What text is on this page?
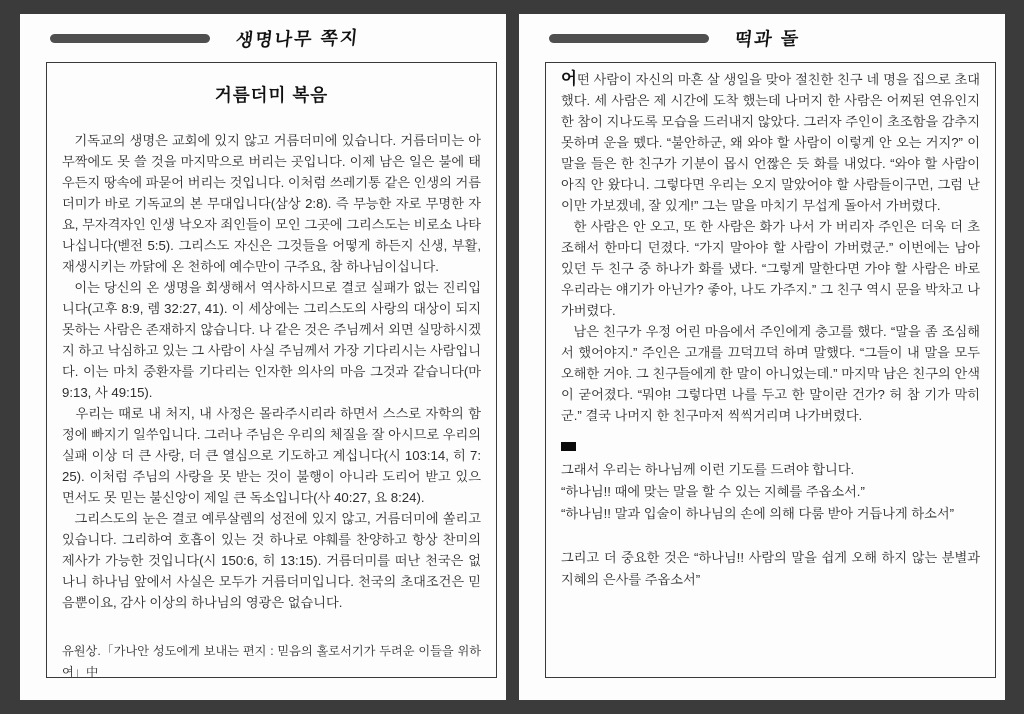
생명나무 쪽지
거름더미 복음

기독교의 생명은 교회에 있지 않고 거름더미에 있습니다. 거름더미는 아무짝에도 못 쓸 것을 마지막으로 버리는 곳입니다. 이제 남은 일은 불에 태우든지 땅속에 파묻어 버리는 것입니다. 이처럼 쓰레기통 같은 인생의 거름더미가 바로 기독교의 본 무대입니다(삼상 2:8). 즉 무능한 자로 무명한 자요, 무자격자인 인생 낙오자 죄인들이 모인 그곳에 그리스도는 비로소 나타나십니다(벧전 5:5). 그리스도 자신은 그것들을 어떻게 하든지 신생, 부활, 재생시키는 까닭에 온 천하에 예수만이 구주요, 참 하나님이십니다.

이는 당신의 온 생명을 회생해서 역사하시므로 결코 실패가 없는 진리입니다(고후 8:9, 렘 32:27, 41). 이 세상에는 그리스도의 사랑의 대상이 되지 못하는 사람은 존재하지 않습니다. 나 같은 것은 주님께서 외면 실망하시겠지 하고 낙심하고 있는 그 사람이 사실 주님께서 가장 기다리시는 사람입니다. 이는 마치 중환자를 기다리는 인자한 의사의 마음 그것과 같습니다(마 9:13, 사 49:15).

우리는 때로 내 처지, 내 사정은 몰라주시리라 하면서 스스로 자학의 함정에 빠지기 일쑤입니다. 그러나 주님은 우리의 체질을 잘 아시므로 우리의 실패 이상 더 큰 사랑, 더 큰 열심으로 기도하고 계십니다(시 103:14, 히 7:25). 이처럼 주님의 사랑을 못 받는 것이 불행이 아니라 도리어 받고 있으면서도 못 믿는 불신앙이 제일 큰 독소입니다(사 40:27, 요 8:24).

그리스도의 눈은 결코 예루살렘의 성전에 있지 않고, 거름더미에 쏠리고 있습니다. 그리하여 호흡이 있는 것 하나로 야훼를 찬양하고 항상 찬미의 제사가 가능한 것입니다(시 150:6, 히 13:15). 거름더미를 떠난 천국은 없나니 하나님 앞에서 사실은 모두가 거름더미입니다. 천국의 초대조건은 믿음뿐이요, 감사 이상의 하나님의 영광은 없습니다.

유원상.「가나안 성도에게 보내는 편지 : 믿음의 홀로서기가 두려운 이들을 위하여」中

떡과 돌

어떤 사람이 자신의 마흔 살 생일을 맞아 절친한 친구 네 명을 집으로 초대했다. 세 사람은 제 시간에 도착 했는데 나머지 한 사람은 어찌된 연유인지 한 참이 지나도록 모습을 드러내지 않았다. 그러자 주인이 초조함을 감추지 못하며 운을 뗐다. “불안하군, 왜 와야 할 사람이 이렇게 안 오는 거지?” 이 말을 들은 한 친구가 기분이 몹시 언짢은 듯 화를 내었다. “와야 할 사람이 아직 안 왔다니. 그렇다면 우리는 오지 말았어야 할 사람들이구먼, 그럼 난 이만 가보겠네, 잘 있게!” 그는 말을 마치기 무섭게 돌아서 가버렸다.

한 사람은 안 오고, 또 한 사람은 화가 나서 가 버리자 주인은 더욱 더 초조해서 한마디 던졌다. “가지 말아야 할 사람이 가버렸군.” 이번에는 남아 있던 두 친구 중 하나가 화를 냈다. “그렇게 말한다면 가야 할 사람은 바로 우리라는 얘기가 아닌가? 좋아, 나도 가주지.” 그 친구 역시 문을 박차고 나가버렸다.

남은 친구가 우정 어린 마음에서 주인에게 충고를 했다. “말을 좀 조심해서 했어야지.” 주인은 고개를 끄덕끄덕 하며 말했다. “그들이 내 말을 모두 오해한 거야. 그 친구들에게 한 말이 아니었는데.” 마지막 남은 친구의 안색이 굳어졌다. “뭐야! 그렇다면 나를 두고 한 말이란 건가? 허 참 기가 막히군.” 결국 나머지 한 친구마저 씩씩거리며 나가버렸다.

그래서 우리는 하나님께 이런 기도를 드려야 합니다.

“하나님!! 때에 맞는 말을 할 수 있는 지혜를 주옵소서.”

“하나님!! 말과 입술이 하나님의 손에 의해 다룸 받아 거듭나게 하소서”

그리고 더 중요한 것은 “하나님!! 사람의 말을 쉽게 오해 하지 않는 분별과 지혜의 은사를 주옵소서”
